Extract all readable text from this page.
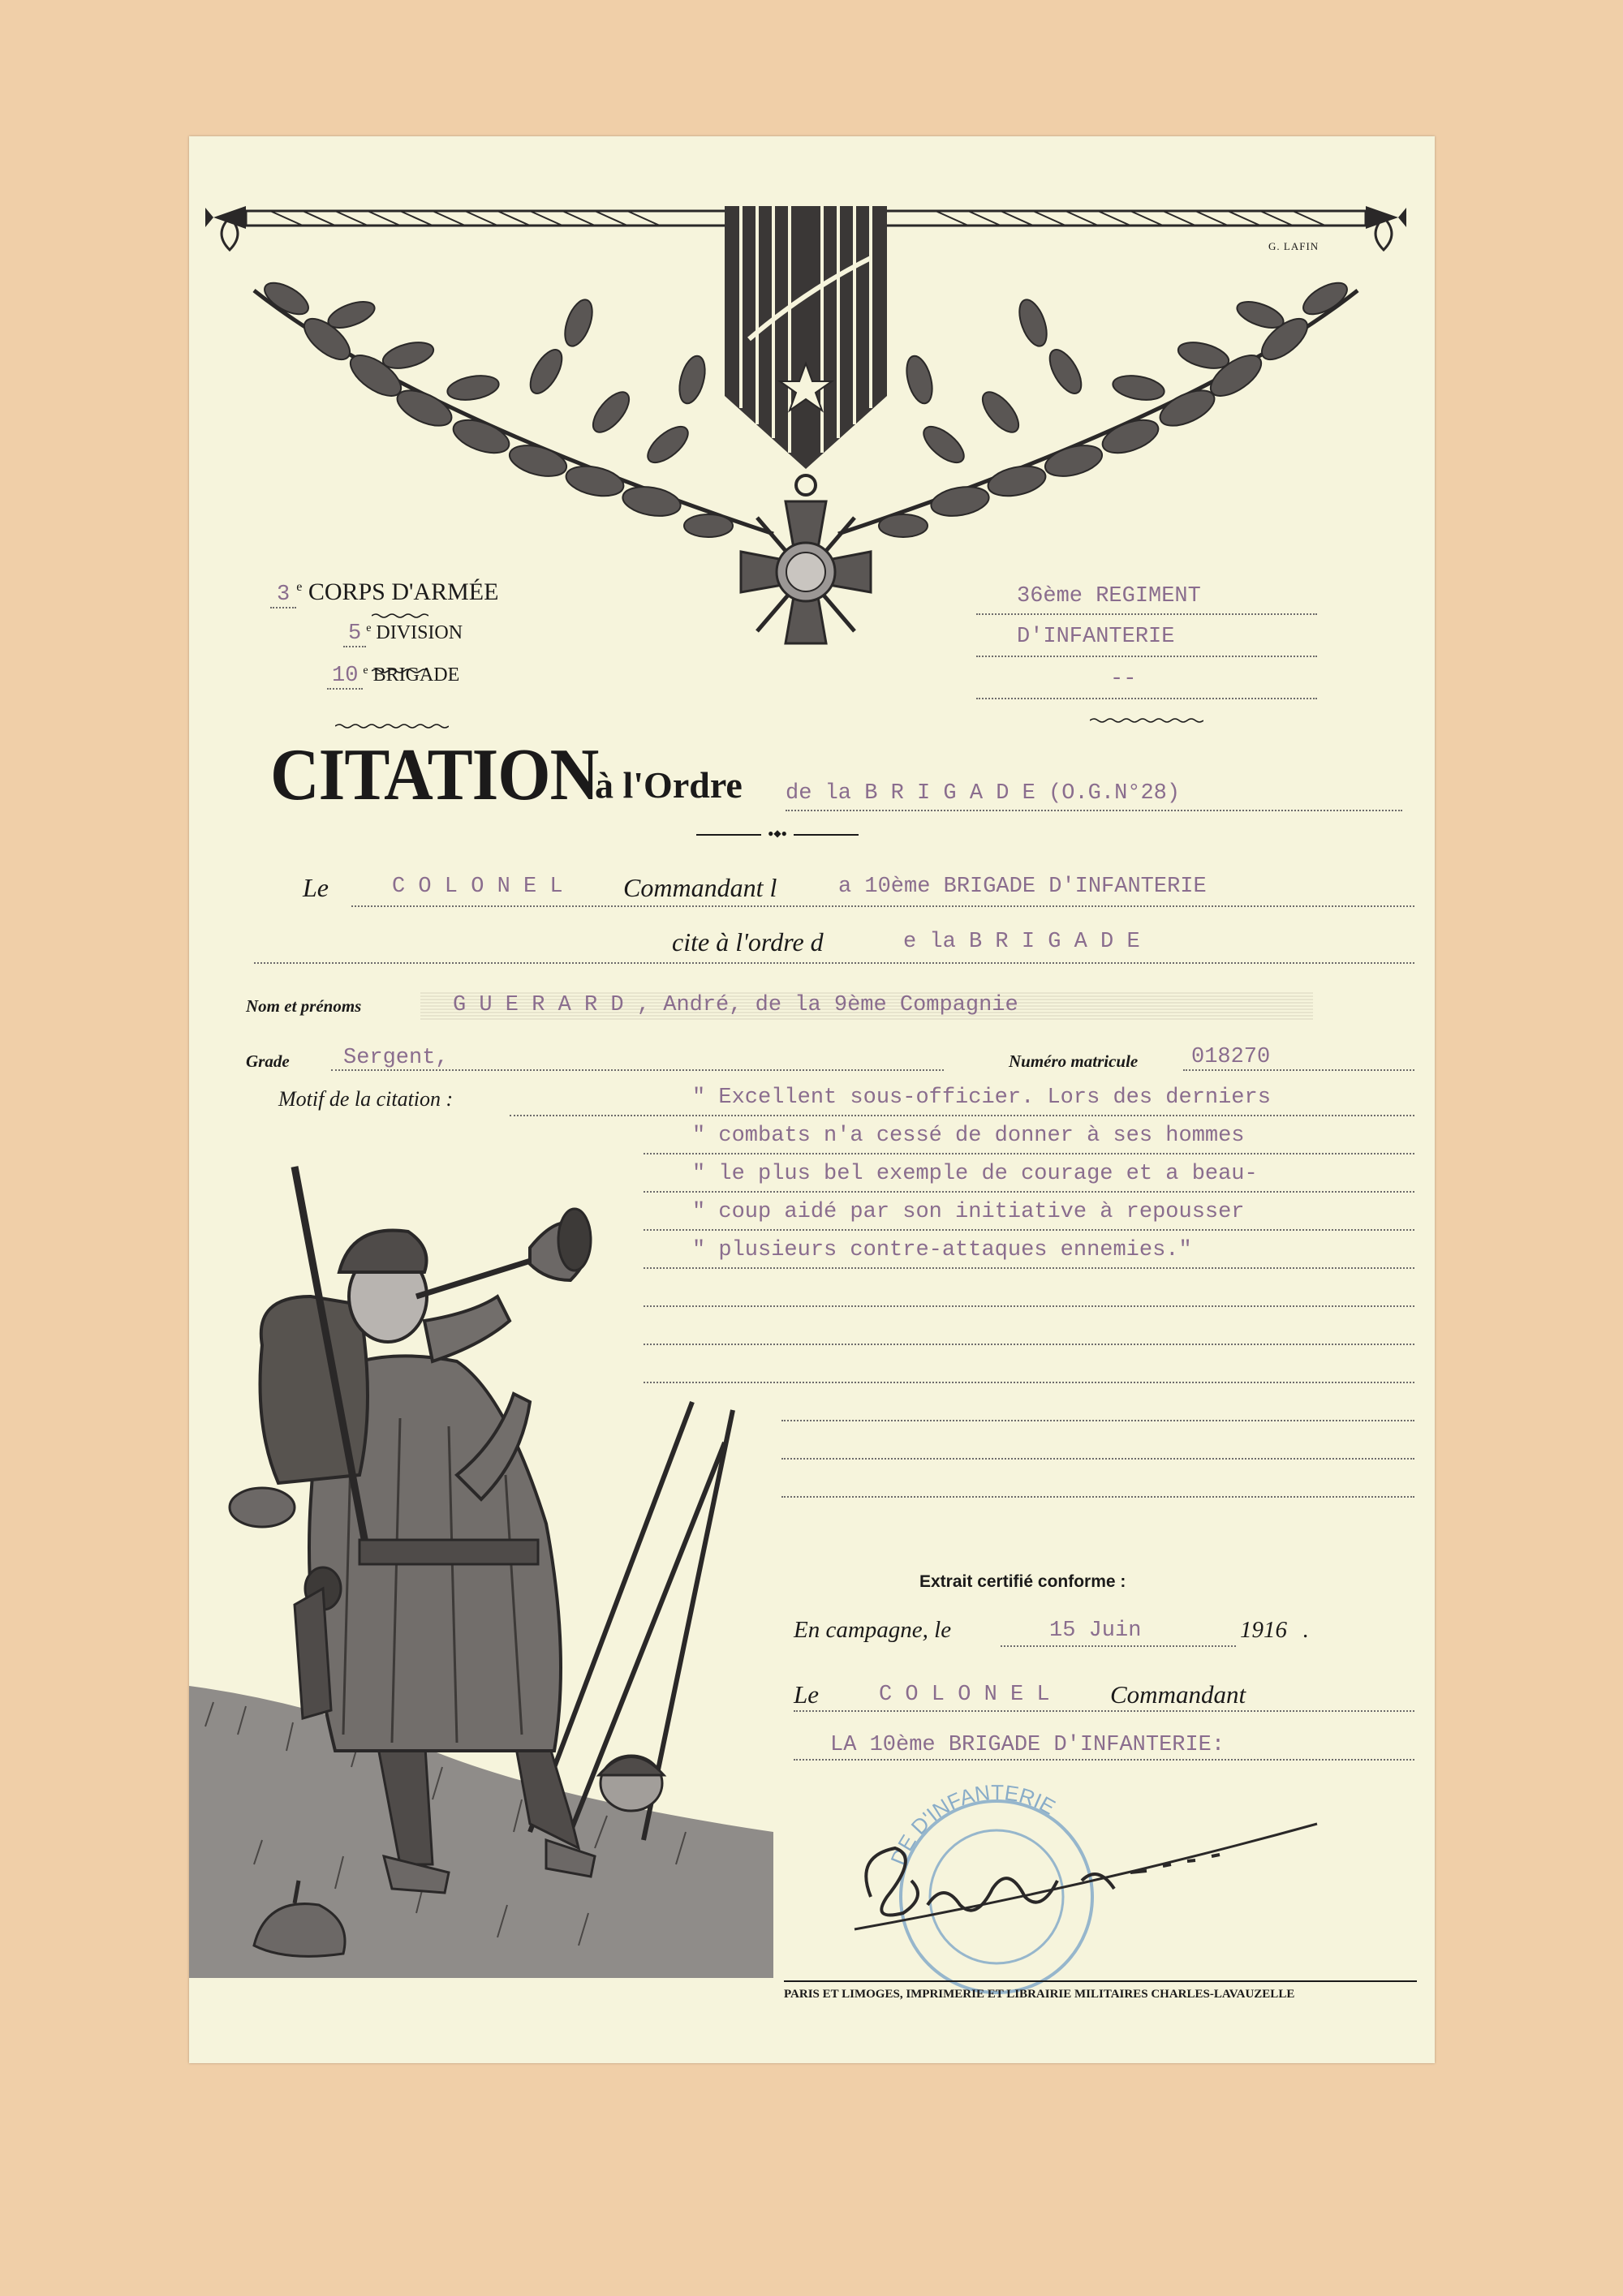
G. LAFIN
3 $^e$ CORPS D'ARMÉE
5 $^e$ DIVISION
10 $^e$ BRIGADE
36ème REGIMENT
D'INFANTERIE
--
CITATION
à l'Ordre de la B R I G A D E (O.G.N°28)
●◆●
Le	C O L O N E L Commandant l	a 10ème BRIGADE D'INFANTERIE
cite à l'ordre d	e la B R I G A D E
Nom et prénoms	G U E R A R D , André, de la 9ème Compagnie
Grade Sergent,	Numéro matricule 018270
Motif de la citation :	" Excellent sous-officier. Lors des derniers
" combats n'a cessé de donner à ses hommes
" le plus bel exemple de courage et a beau-
" coup aidé par son initiative à repousser
" plusieurs contre-attaques ennemies."
Extrait certifié conforme :
En campagne, le	15 Juin	1916 .
Le	C O L O N E L Commandant
LA 10ème BRIGADE D'INFANTERIE:
DE D'INFANTERIE
PARIS ET LIMOGES, IMPRIMERIE ET LIBRAIRIE MILITAIRES CHARLES-LAVAUZELLE
